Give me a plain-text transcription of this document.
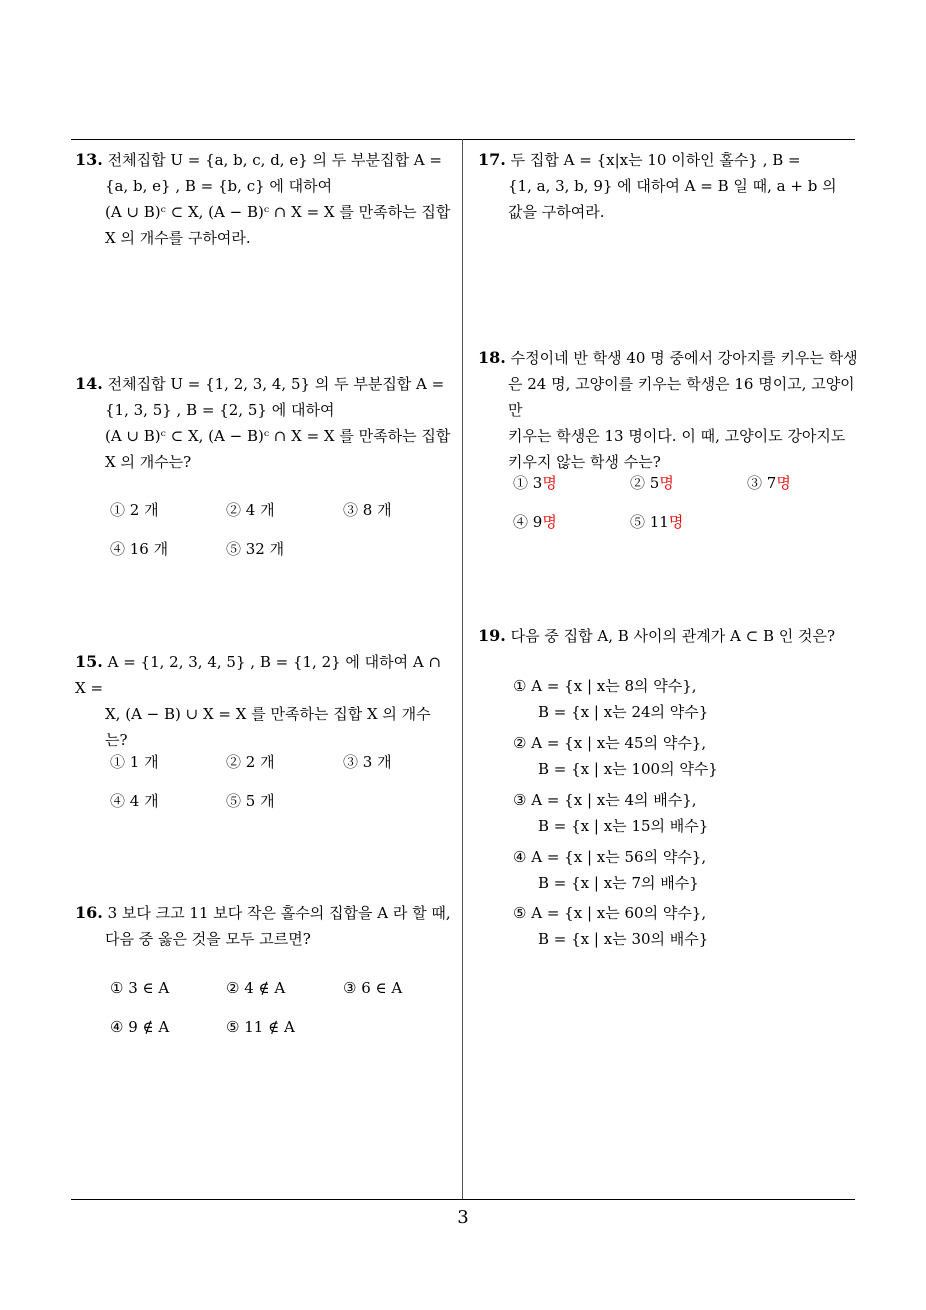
13. 전체집합 U = {a, b, c, d, e} 의 두 부분집합 A =
{a, b, e} , B = {b, c} 에 대하여
(A ∪ B)ᶜ ⊂ X, (A − B)ᶜ ∩ X = X 를 만족하는 집합
X 의 개수를 구하여라.
14. 전체집합 U = {1, 2, 3, 4, 5} 의 두 부분집합 A =
{1, 3, 5} , B = {2, 5} 에 대하여
(A ∪ B)ᶜ ⊂ X, (A − B)ᶜ ∩ X = X 를 만족하는 집합
X 의 개수는?
① 2 개	② 4 개	③ 8 개
④ 16 개	⑤ 32 개
15. A = {1, 2, 3, 4, 5} , B = {1, 2} 에 대하여 A ∩ X =
X, (A − B) ∪ X = X 를 만족하는 집합 X 의 개수
는?
① 1 개	② 2 개	③ 3 개
④ 4 개	⑤ 5 개
16. 3 보다 크고 11 보다 작은 홀수의 집합을 A 라 할 때,
다음 중 옳은 것을 모두 고르면?
① 3 ∈ A	② 4 ∉ A	③ 6 ∈ A
④ 9 ∉ A	⑤ 11 ∉ A
17. 두 집합 A = {x|x는 10 이하인 홀수} , B =
{1, a, 3, b, 9} 에 대하여 A = B 일 때, a + b 의
값을 구하여라.
18. 수정이네 반 학생 40 명 중에서 강아지를 키우는 학생
은 24 명, 고양이를 키우는 학생은 16 명이고, 고양이만
키우는 학생은 13 명이다. 이 때, 고양이도 강아지도
키우지 않는 학생 수는?
① 3명	② 5명	③ 7명
④ 9명	⑤ 11명
19. 다음 중 집합 A, B 사이의 관계가 A ⊂ B 인 것은?
① A = {x | x는 8의 약수},
B = {x | x는 24의 약수}
② A = {x | x는 45의 약수},
B = {x | x는 100의 약수}
③ A = {x | x는 4의 배수},
B = {x | x는 15의 배수}
④ A = {x | x는 56의 약수},
B = {x | x는 7의 배수}
⑤ A = {x | x는 60의 약수},
B = {x | x는 30의 배수}
3
